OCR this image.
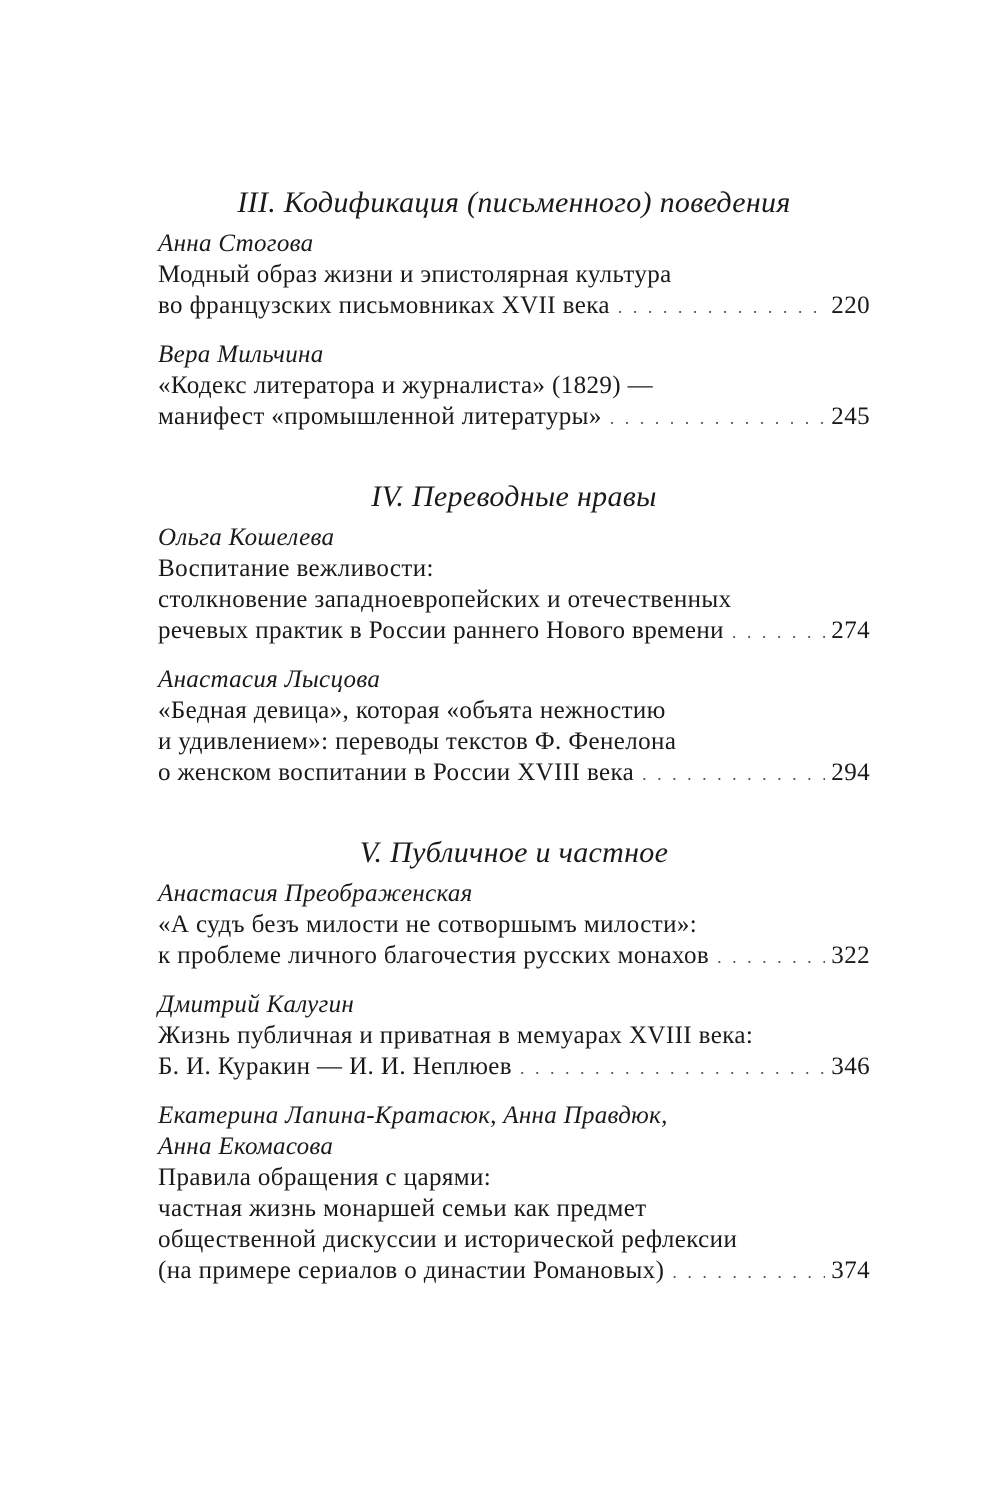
III. Кодификация (письменного) поведения
Анна Стогова
Модный образ жизни и эпистолярная культура
во французских письмовниках XVII века . . .	220
Вера Мильчина
«Кодекс литератора и журналиста» (1829) —
манифест «промышленной литературы» . . .	245
IV. Переводные нравы
Ольга Кошелева
Воспитание вежливости:
столкновение западноевропейских и отечественных
речевых практик в России раннего Нового времени . . .	274
Анастасия Лысцова
«Бедная девица», которая «объята нежностию
и удивлением»: переводы текстов Ф. Фенелона
о женском воспитании в России XVIII века . . .	294
V. Публичное и частное
Анастасия Преображенская
«А судъ безъ милости не сотворшымъ милости»:
к проблеме личного благочестия русских монахов . . .	322
Дмитрий Калугин
Жизнь публичная и приватная в мемуарах XVIII века:
Б. И. Куракин — И. И. Неплюев . . .	346
Екатерина Лапина-Кратасюк, Анна Правдюк,
Анна Екомасова
Правила обращения с царями:
частная жизнь монаршей семьи как предмет
общественной дискуссии и исторической рефлексии
(на примере сериалов о династии Романовых) . . .	374
